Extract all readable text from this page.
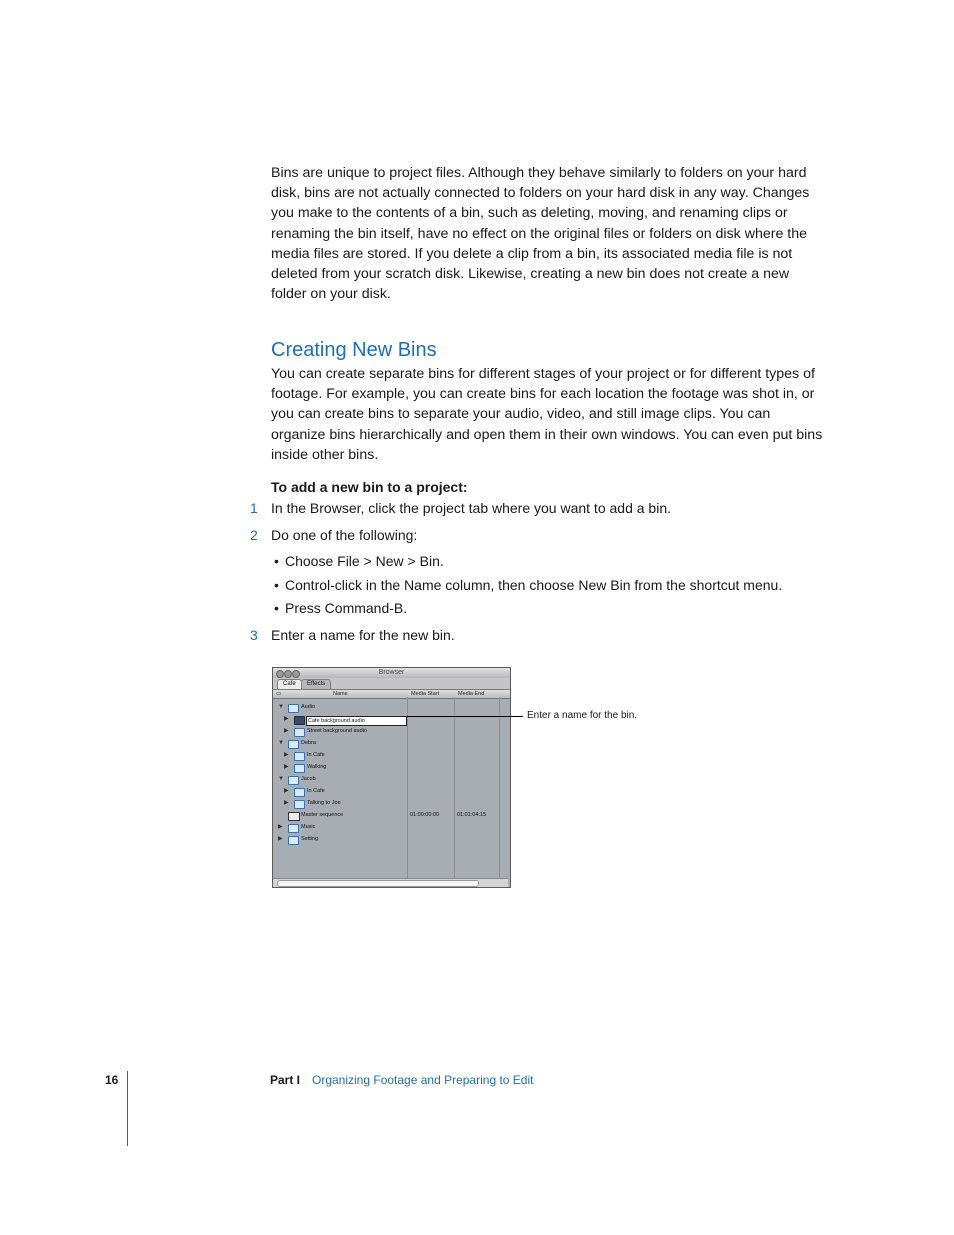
Bins are unique to project files. Although they behave similarly to folders on your hard disk, bins are not actually connected to folders on your hard disk in any way. Changes you make to the contents of a bin, such as deleting, moving, and renaming clips or renaming the bin itself, have no effect on the original files or folders on disk where the media files are stored. If you delete a clip from a bin, its associated media file is not deleted from your scratch disk. Likewise, creating a new bin does not create a new folder on your disk.

Creating New Bins

You can create separate bins for different stages of your project or for different types of footage. For example, you can create bins for each location the footage was shot in, or you can create bins to separate your audio, video, and still image clips. You can organize bins hierarchically and open them in their own windows. You can even put bins inside other bins.

To add a new bin to a project:

1 In the Browser, click the project tab where you want to add a bin.
2 Do one of the following:
• Choose File > New > Bin.
• Control-click in the Name column, then choose New Bin from the shortcut menu.
• Press Command-B.
3 Enter a name for the new bin.
Browser
Cafe	Effects
▭	Name	Media Start	Media End
▼	Audio
▶	Cafe background audio
▶	Street background audio
▼	Debra
▶	In Cafe
▶	Walking
▼	Jacob
▶	In Cafe
▶	Talking to Joe
Master sequence	01:00:00:00	01:01:04:15
▶	Music
▶	Setting
Enter a name for the bin.
16	Part I Organizing Footage and Preparing to Edit
